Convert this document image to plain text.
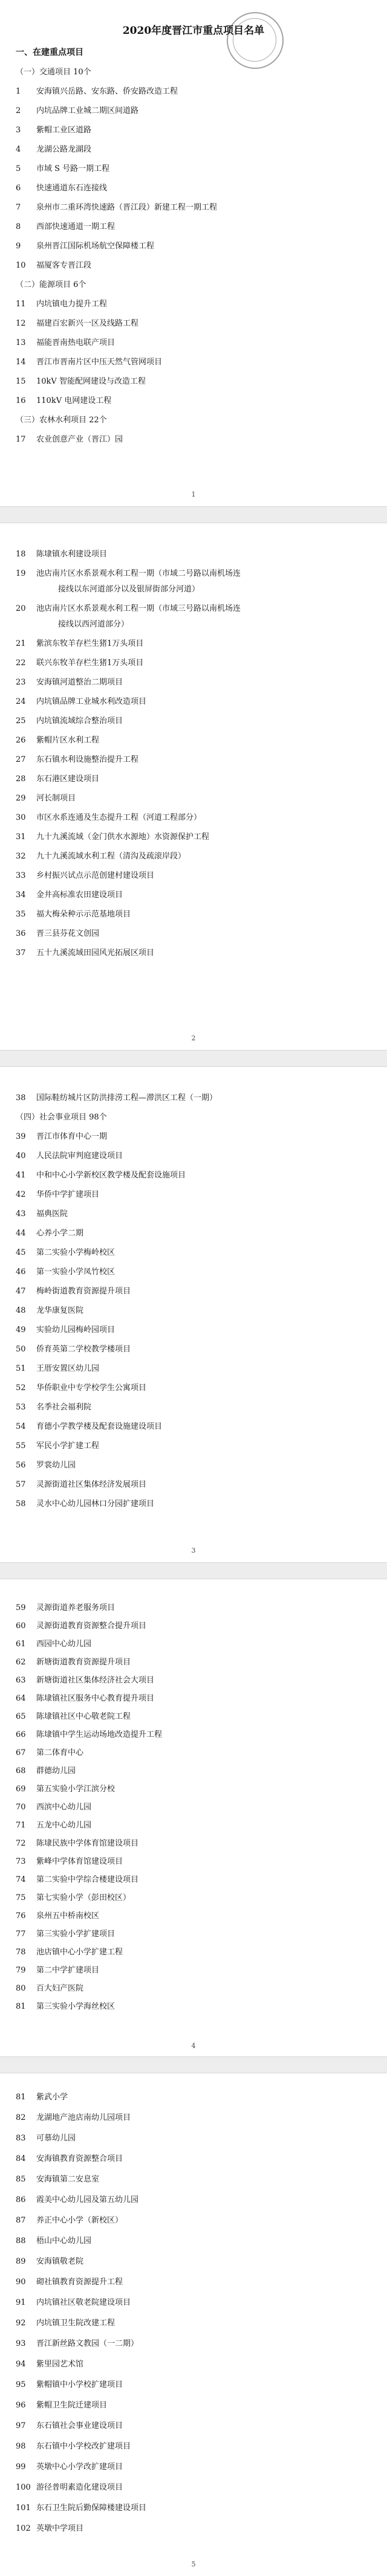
2020年度晋江市重点项目名单
一、在建重点项目
（一）交通项目 10个
1 安海镇兴岳路、安东路、侨安路改造工程
2 内坑品牌工业城二期区间道路
3 紫帽工业区道路
4 龙湖公路龙湖段
5 市域 S 号路一期工程
6 快速通道东石连接线
7 泉州市二重环湾快速路（晋江段）新建工程一期工程
8 西部快速通道一期工程
9 泉州晋江国际机场航空保障楼工程
10 福厦客专晋江段
（二）能源项目 6个
11 内坑镇电力提升工程
12 福建百宏新兴一区及线路工程
13 福能晋南热电联产项目
14 晋江市晋南片区中压天然气管网项目
15 10kV 智能配网建设与改造工程
16 110kV 电网建设工程
（三）农林水利项目 22个
17 农业创意产业（晋江）园
1
18 陈埭镇水利建设项目
19 池店南片区水系景观水利工程一期（市域二号路以南机场连
接线以东河道部分以及银屏街部分河道）
20 池店南片区水系景观水利工程一期（市域三号路以南机场连
接线以西河道部分）
21 紫滨东牧羊存栏生猪1万头项目
22 联兴东牧羊存栏生猪1万头项目
23 安海镇河道整治二期项目
24 内坑镇品牌工业城水利改造项目
25 内坑镇流域综合整治项目
26 紫帽片区水利工程
27 东石镇水利设施整治提升工程
28 东石港区建设项目
29 河长制项目
30 市区水系连通及生态提升工程（河道工程部分）
31 九十九溪流域（金门供水水源地）水资源保护工程
32 九十九溪流域水利工程（清沟及疏滚岸段）
33 乡村振兴试点示范创建村建设项目
34 金井高标准农田建设项目
35 福大梅朵种示示范基地项目
36 晋三县芬花文创园
37 五十九溪流域田园风光拓展区项目
2
38 国际鞋纺城片区防洪排涝工程—滞洪区工程（一期）
（四）社会事业项目 98个
39 晋江市体育中心一期
40 人民法院审判庭建设项目
41 中和中心小学新校区教学楼及配套设施项目
42 华侨中学扩建项目
43 福典医院
44 心养小学二期
45 第二实验小学梅岭校区
46 第一实验小学凤竹校区
47 梅岭街道教育资源提升项目
48 龙华康复医院
49 实验幼儿园梅岭园项目
50 侨育英第二学校教学楼项目
51 王厝安置区幼儿园
52 华侨职业中专学校学生公寓项目
53 名季社会福利院
54 育德小学教学楼及配套设施建设项目
55 军民小学扩建工程
56 罗裳幼儿园
57 灵源街道社区集体经济发展项目
58 灵水中心幼儿园林口分园扩建项目
3
59 灵源街道养老服务项目
60 灵源街道教育资源整合提升项目
61 西园中心幼儿园
62 新塘街道教育资源提升项目
63 新塘街道社区集体经济社会大项目
64 陈埭镇社区服务中心教育提升项目
65 陈埭镇社区中心敬老院工程
66 陈埭镇中学生运动场地改造提升工程
67 第二体育中心
68 群德幼儿园
69 第五实验小学江滨分校
70 西滨中心幼儿园
71 五龙中心幼儿园
72 陈埭民族中学体育馆建设项目
73 紫峰中学体育馆建设项目
74 第二实验中学综合楼建设项目
75 第七实验小学（彭田校区）
76 泉州五中桥南校区
77 第三实验小学扩建项目
78 池店镇中心小学扩建工程
79 第二中学扩建项目
80 百大妇产医院
81 第三实验小学海丝校区
4
81 紫武小学
82 龙湖地产池店南幼儿园项目
83 可慕幼儿园
84 安海镇教育资源整合项目
85 安海镇第二安息室
86 霞美中心幼儿园及第五幼儿园
87 养正中心小学（新校区）
88 梧山中心幼儿园
89 安海镇敬老院
90 砌社镇教育资源提升工程
91 内坑镇社区敬老院建设项目
92 内坑镇卫生院改建工程
93 晋江新丝路文教园（一二期）
94 紫里园艺术馆
95 紫帽镇中小学校扩建项目
96 紫帽卫生院迁建项目
97 东石镇社会事业建设项目
98 东石镇中小学校改扩建项目
99 英墩中心小学改扩建项目
100 游径普明素造化建设项目
101 东石卫生院后勤保障楼建设项目
102 英墩中学项目
5
